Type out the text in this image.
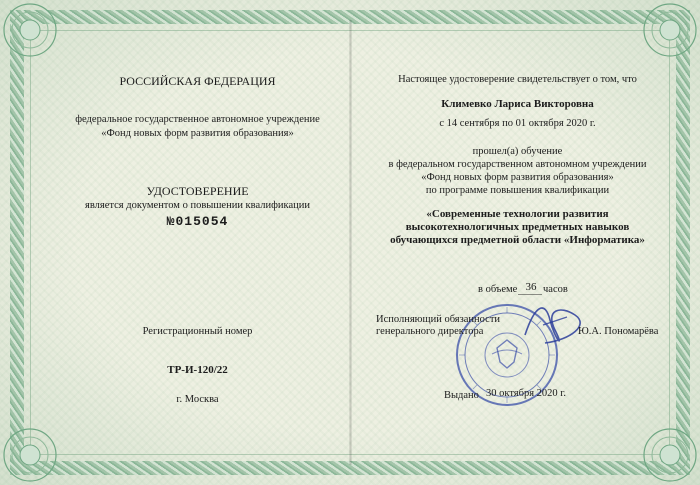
РОССИЙСКАЯ ФЕДЕРАЦИЯ
федеральное государственное автономное учреждение
«Фонд новых форм развития образования»
УДОСТОВЕРЕНИЕ
является документом о повышении квалификации
№015054
Регистрационный номер
ТР-И-120/22
г. Москва
Настоящее удостоверение свидетельствует о том, что
Климевко Лариса Викторовна
с 14 сентября по 01 октября 2020 г.
прошел(а) обучение
в федеральном государственном автономном учреждении
«Фонд новых форм развития образования»
по программе повышения квалификации
«Современные технологии развития
высокотехнологичных предметных навыков
обучающихся предметной области «Информатика»
в объеме 36 часов
Исполняющий обязанности
генерального директора	Ю.А. Пономарёва
Выдано 30 октября 2020 г.
